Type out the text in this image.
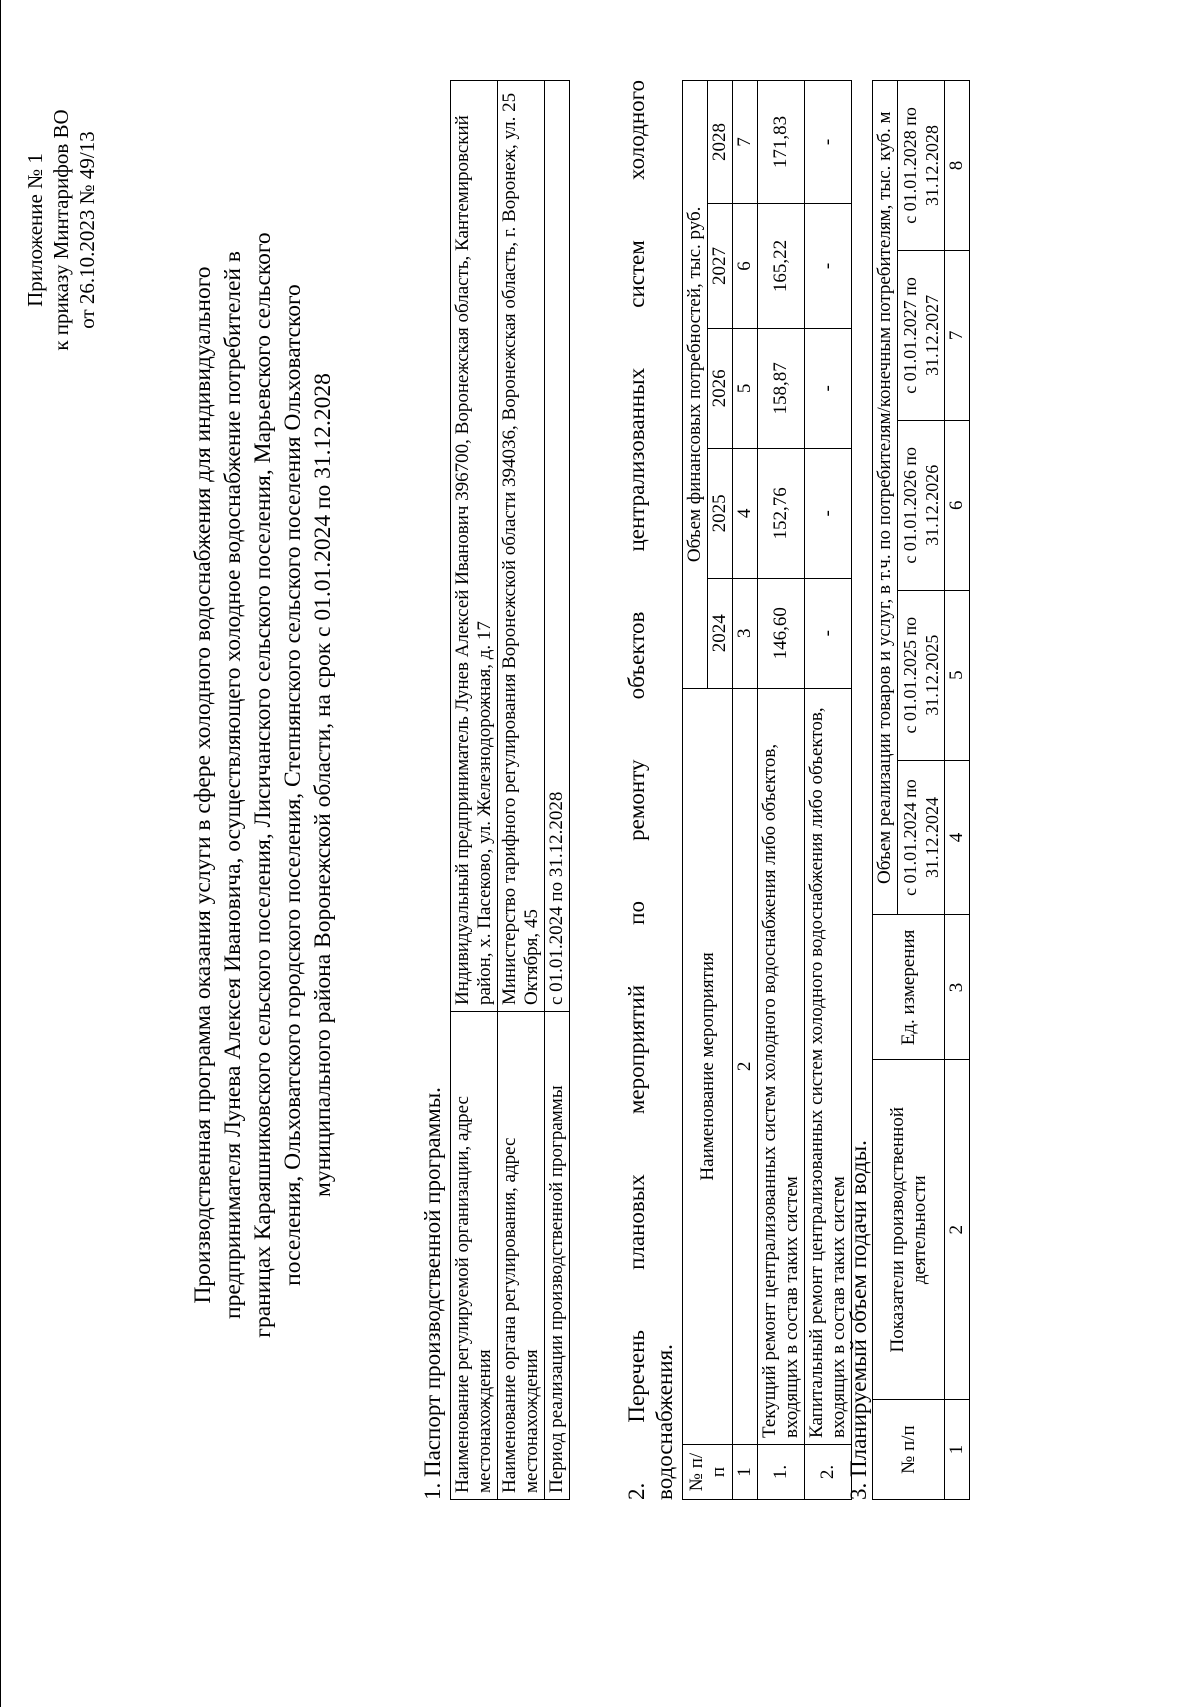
Приложение № 1 к приказу Минтарифов ВО от 26.10.2023 № 49/13
Производственная программа оказания услуги в сфере холодного водоснабжения для индивидуального предпринимателя Лунева Алексея Ивановича, осуществляющего холодное водоснабжение потребителей в границах Караяшниковского сельского поселения, Лисичанского сельского поселения, Марьевского сельского поселения, Ольховатского городского поселения, Степнянского сельского поселения Ольховатского муниципального района Воронежской области, на срок с 01.01.2024 по 31.12.2028
1. Паспорт производственной программы. Наименование регулируемой организации, адрес местонахождения	Индивидуальный предприниматель Лунев Алексей Иванович 396700, Воронежская область, Кантемировский район, х. Пасеково, ул. Железнодорожная, д. 17
Наименование органа регулирования, адрес местонахождения	Министерство тарифного регулирования Воронежской области 394036, Воронежская область, г. Воронеж, ул. 25 Октября, 45
Период реализации производственной программы	с 01.01.2024 по 31.12.2028 2. Перечень плановых мероприятий по ремонту объектов централизованных систем холодного водоснабжения. № п/п	Наименование мероприятия	Объем финансовых потребностей, тыс. руб.				
		2024	2025	2026	2027	2028
1	2	3	4	5	6	7
1.	Текущий ремонт централизованных систем холодного водоснабжения либо объектов, входящих в состав таких систем	146,60	152,76	158,87	165,22	171,83
2.	Капитальный ремонт централизованных систем холодного водоснабжения либо объектов, входящих в состав таких систем	-	-	-	-	-
3. Планируемый объем подачи воды. № п/п	Показатели производственной деятельности	Ед. измерения	Объем реализации товаров и услуг, в т.ч. по потребителям/конечным потребителям, тыс. куб. м				
			с 01.01.2024 по 31.12.2024	с 01.01.2025 по 31.12.2025	с 01.01.2026 по 31.12.2026	с 01.01.2027 по 31.12.2027	с 01.01.2028 по 31.12.2028
1	2	3	4	5	6	7	8
